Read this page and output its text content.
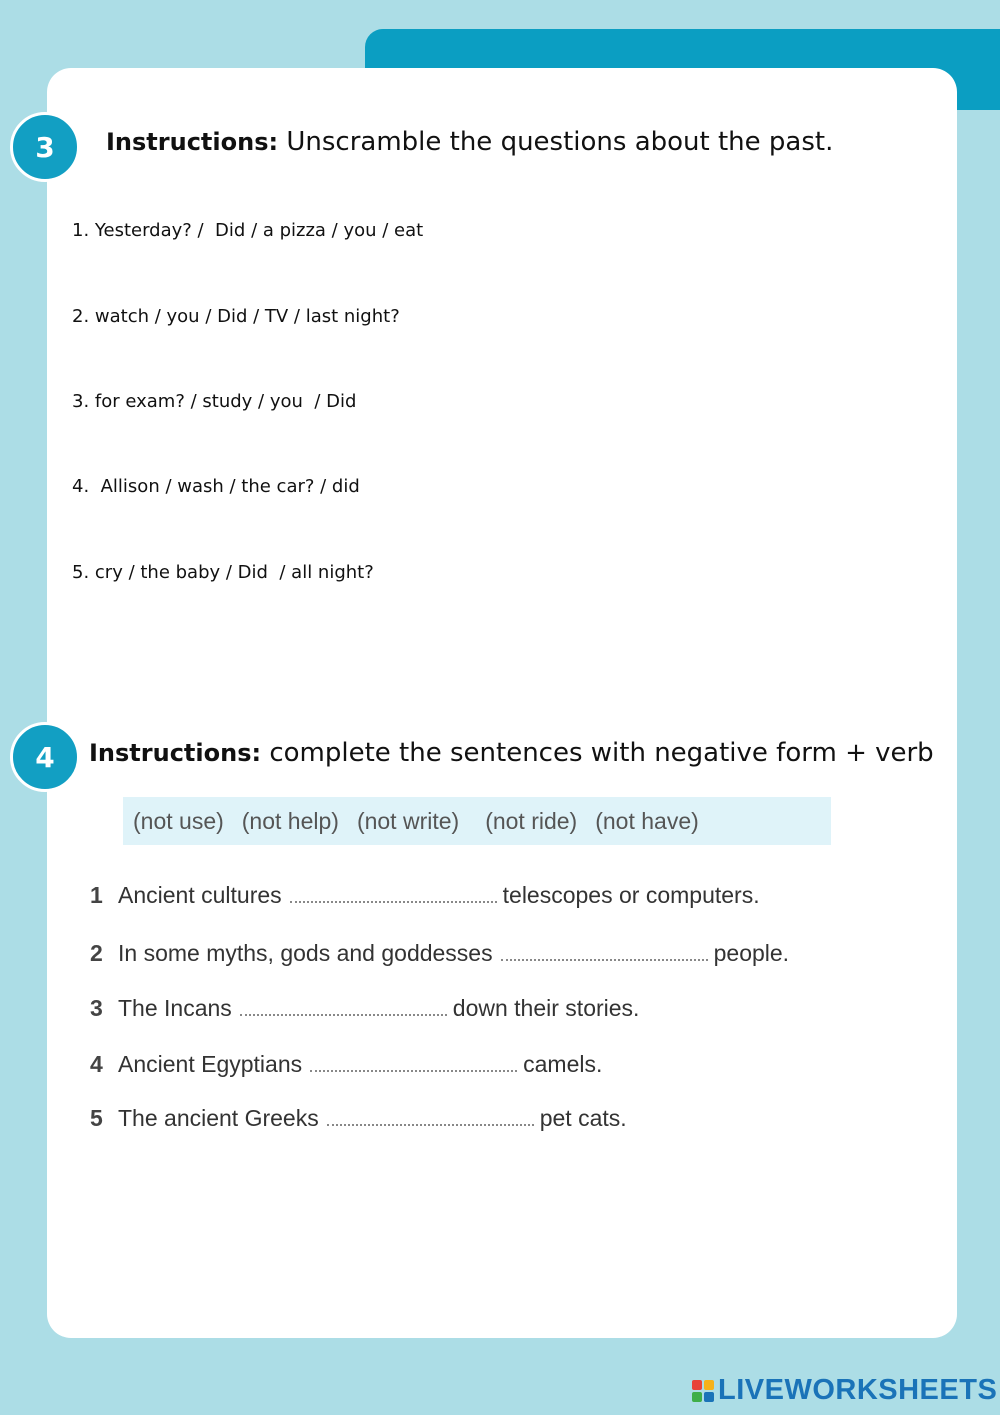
3	Instructions: Unscramble the questions about the past.
1. Yesterday? /  Did / a pizza / you / eat
2. watch / you / Did / TV / last night?
3. for exam? / study / you  / Did
4.  Allison / wash / the car? / did
5. cry / the baby / Did  / all night?
4	Instructions: complete the sentences with negative form + verb
(not use) (not help) (not write) (not ride) (not have)
1 Ancient cultures	telescopes or computers.
2 In some myths, gods and goddesses	people.
3 The Incans	down their stories.
4 Ancient Egyptians	camels.
5 The ancient Greeks	pet cats.
LIVEWORKSHEETS
